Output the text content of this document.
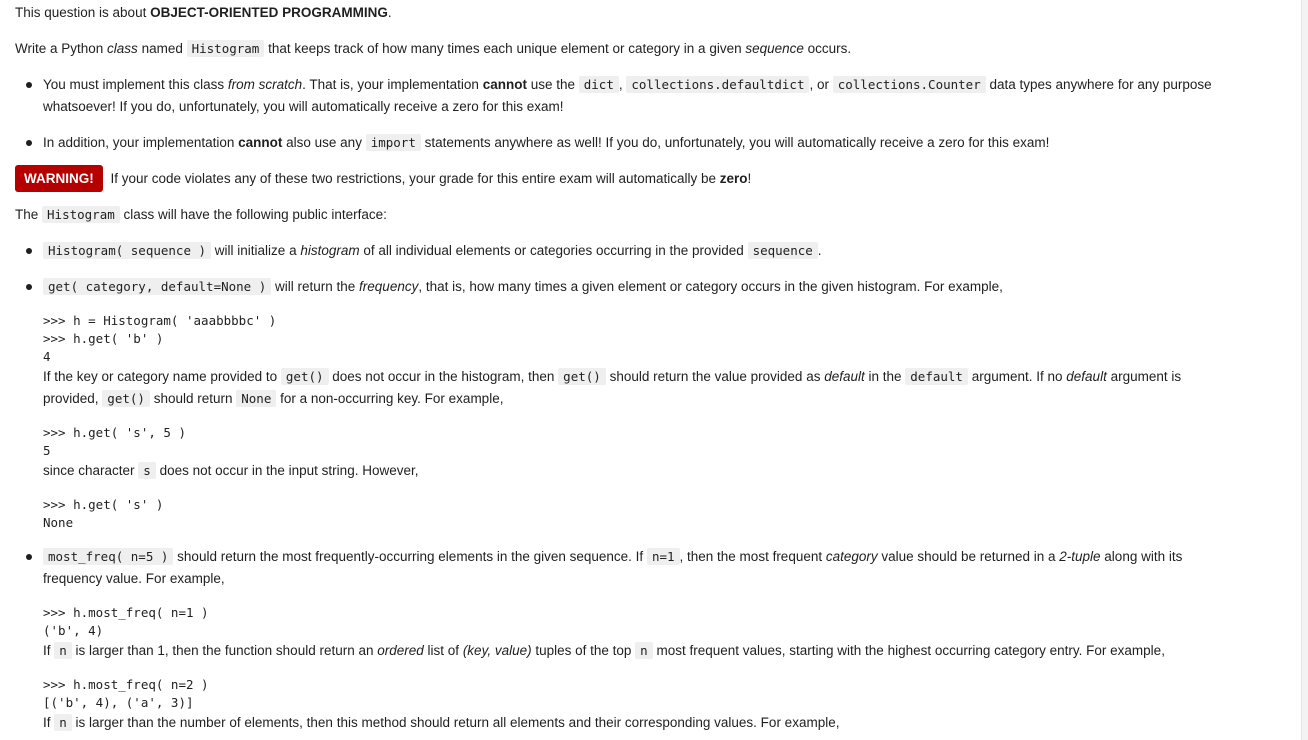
This question is about OBJECT-ORIENTED PROGRAMMING.
Write a Python class named Histogram that keeps track of how many times each unique element or category in a given sequence occurs.
You must implement this class from scratch. That is, your implementation cannot use the dict , collections.defaultdict , or collections.Counter data types anywhere for any purpose
whatsoever! If you do, unfortunately, you will automatically receive a zero for this exam!
In addition, your implementation cannot also use any import statements anywhere as well! If you do, unfortunately, you will automatically receive a zero for this exam!
WARNING! If your code violates any of these two restrictions, your grade for this entire exam will automatically be zero!
The Histogram class will have the following public interface:
Histogram( sequence ) will initialize a histogram of all individual elements or categories occurring in the provided sequence .
get( category, default=None ) will return the frequency, that is, how many times a given element or category occurs in the given histogram. For example,
>>> h = Histogram( 'aaabbbbc' )
>>> h.get( 'b' )
4
If the key or category name provided to get() does not occur in the histogram, then get() should return the value provided as default in the default argument. If no default argument is
provided, get() should return None for a non-occurring key. For example,
>>> h.get( 's', 5 )
5
since character s does not occur in the input string. However,
>>> h.get( 's' )
None
most_freq( n=5 ) should return the most frequently-occurring elements in the given sequence. If n=1 , then the most frequent category value should be returned in a 2-tuple along with its
frequency value. For example,
>>> h.most_freq( n=1 )
('b', 4)
If n is larger than 1, then the function should return an ordered list of (key, value) tuples of the top n most frequent values, starting with the highest occurring category entry. For example,
>>> h.most_freq( n=2 )
[('b', 4), ('a', 3)]
If n is larger than the number of elements, then this method should return all elements and their corresponding values. For example,
